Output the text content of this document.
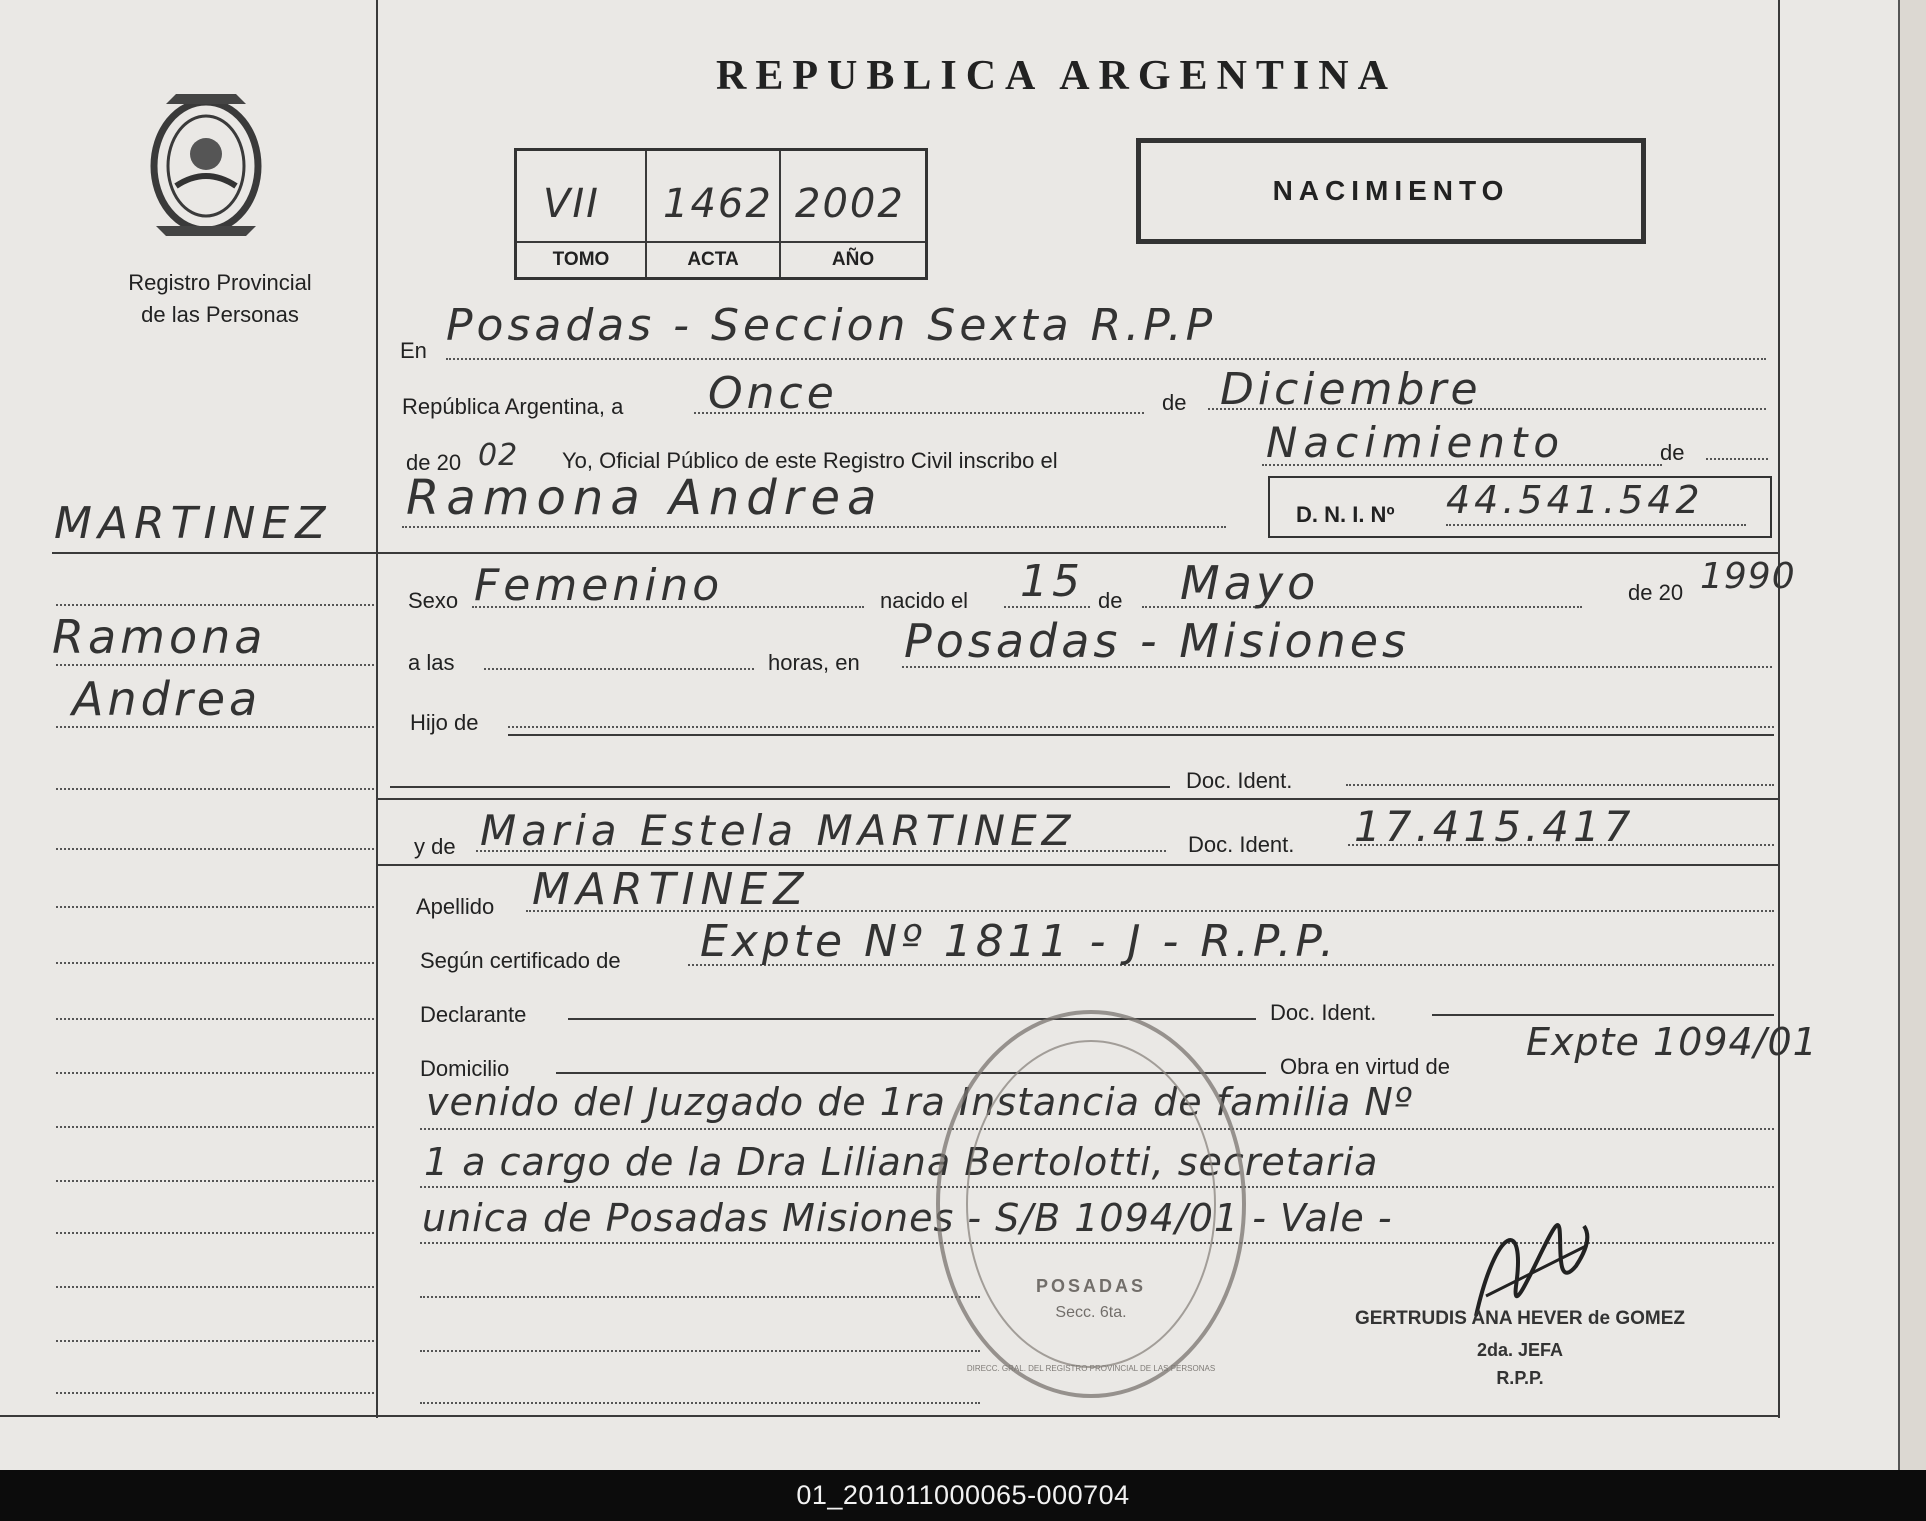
Registro Provincial
de las Personas
MARTINEZ
Ramona
Andrea
REPUBLICA ARGENTINA
VII 1462 2002
TOMO	ACTA	AÑO
NACIMIENTO
En Posadas - Seccion Sexta R.P.P
República Argentina, a Once	de Diciembre
de 20 02 Yo, Oficial Público de este Registro Civil inscribo el	Nacimiento	de
Ramona Andrea	D. N. I. Nº 44.541.542
Sexo Femenino	nacido el 15 de Mayo	de 20 1990
a las	horas, en Posadas - Misiones
Hijo de
Doc. Ident.
y de Maria Estela MARTINEZ	Doc. Ident. 17.415.417
Apellido MARTINEZ
Según certificado de Expte Nº 1811 - J - R.P.P.
Declarante	Doc. Ident.
Domicilio	Obra en virtud de
Expte 1094/01
venido del Juzgado de 1ra Instancia de familia Nº
1 a cargo de la Dra Liliana Bertolotti, secretaria
unica de Posadas Misiones - S/B 1094/01 - Vale -
POSADAS
Secc. 6ta.
DIRECC. GRAL. DEL REGISTRO PROVINCIAL DE LAS PERSONAS
GERTRUDIS ANA HEVER de GOMEZ
2da. JEFA
R.P.P.
01_201011000065-000704
